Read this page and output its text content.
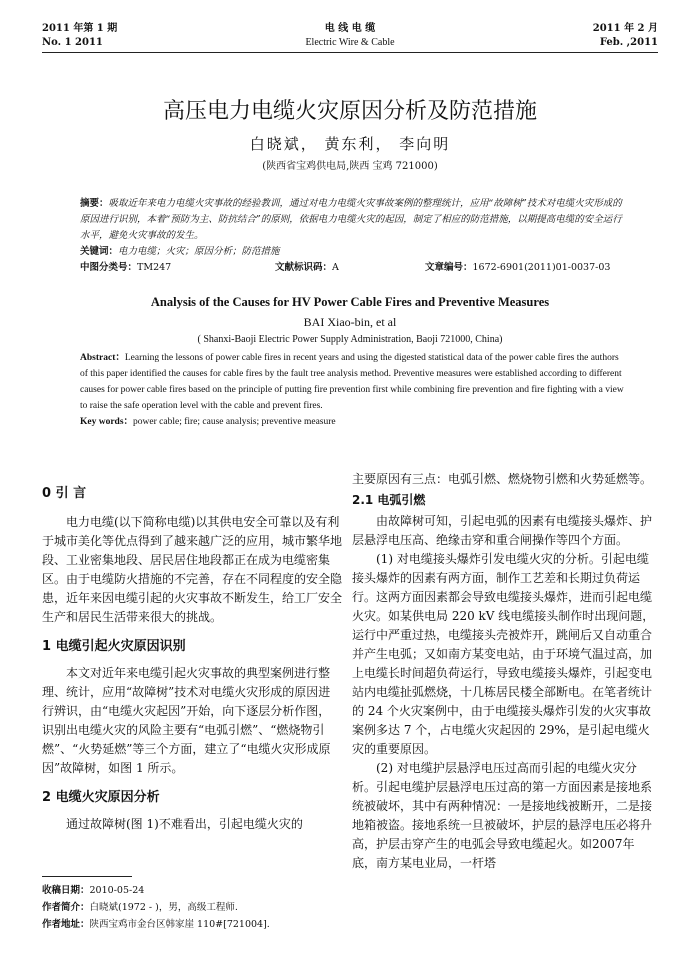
2011 年第 1 期
No. 1 2011
电 线 电 缆
Electric Wire & Cable
2011 年 2 月
Feb. ,2011
高压电力电缆火灾原因分析及防范措施
白晓斌， 黄东利， 李向明
(陕西省宝鸡供电局,陕西 宝鸡 721000)
摘要：吸取近年来电力电缆火灾事故的经验教训，通过对电力电缆火灾事故案例的整理统计，应用“故障树”技术对电缆火灾形成的原因进行识别，本着“预防为主、防抗结合”的原则，依据电力电缆火灾的起因，制定了相应的防范措施，以期提高电缆的安全运行水平，避免火灾事故的发生。
关键词：电力电缆；火灾；原因分析；防范措施
中图分类号：TM247	文献标识码：A	文章编号：1672-6901(2011)01-0037-03
Analysis of the Causes for HV Power Cable Fires and Preventive Measures
BAI Xiao-bin, et al
( Shanxi-Baoji Electric Power Supply Administration, Baoji 721000, China)
Abstract：Learning the lessons of power cable fires in recent years and using the digested statistical data of the power cable fires the authors of this paper identified the causes for cable fires by the fault tree analysis method. Preventive measures were established according to different causes for power cable fires based on the principle of putting fire prevention first while combining fire prevention and fire fighting with a view to raise the safe operation level with the cable and prevent fires.
Key words：power cable; fire; cause analysis; preventive measure
0 引 言

电力电缆(以下简称电缆)以其供电安全可靠以及有利于城市美化等优点得到了越来越广泛的应用，城市繁华地段、工业密集地段、居民居住地段都正在成为电缆密集区。由于电缆防火措施的不完善，存在不同程度的安全隐患，近年来因电缆引起的火灾事故不断发生，给工厂安全生产和居民生活带来很大的挑战。

1 电缆引起火灾原因识别

本文对近年来电缆引起火灾事故的典型案例进行整理、统计，应用“故障树”技术对电缆火灾形成的原因进行辨识，由“电缆火灾起因”开始，向下逐层分析作图，识别出电缆火灾的风险主要有“电弧引燃”、“燃烧物引燃”、“火势延燃”等三个方面，建立了“电缆火灾形成原因”故障树，如图 1 所示。

2 电缆火灾原因分析

通过故障树(图 1)不难看出，引起电缆火灾的

收稿日期：2010-05-24
作者简介：白晓斌(1972 - )，男，高级工程师.
作者地址：陕西宝鸡市金台区韩家崖 110#[721004].
主要原因有三点：电弧引燃、燃烧物引燃和火势延燃等。
2.1 电弧引燃

由故障树可知，引起电弧的因素有电缆接头爆炸、护层悬浮电压高、绝缘击穿和重合闸操作等四个方面。

(1) 对电缆接头爆炸引发电缆火灾的分析。引起电缆接头爆炸的因素有两方面，制作工艺差和长期过负荷运行。这两方面因素都会导致电缆接头爆炸，进而引起电缆火灾。如某供电局 220 kV 线电缆接头制作时出现问题，运行中严重过热，电缆接头壳被炸开，跳闸后又自动重合并产生电弧；又如南方某变电站，由于环境气温过高，加上电缆长时间超负荷运行，导致电缆接头爆炸，引起变电站内电缆扯弧燃烧，十几栋居民楼全部断电。在笔者统计的 24 个火灾案例中，由于电缆接头爆炸引发的火灾事故案例多达 7 个，占电缆火灾起因的 29%，是引起电缆火灾的重要原因。

(2) 对电缆护层悬浮电压过高而引起的电缆火灾分析。引起电缆护层悬浮电压过高的第一方面因素是接地系统被破坏，其中有两种情况：一是接地线被断开，二是接地箱被盗。接地系统一旦被破坏，护层的悬浮电压必将升高，护层击穿产生的电弧会导致电缆起火。如2007年底，南方某电业局，一杆塔
